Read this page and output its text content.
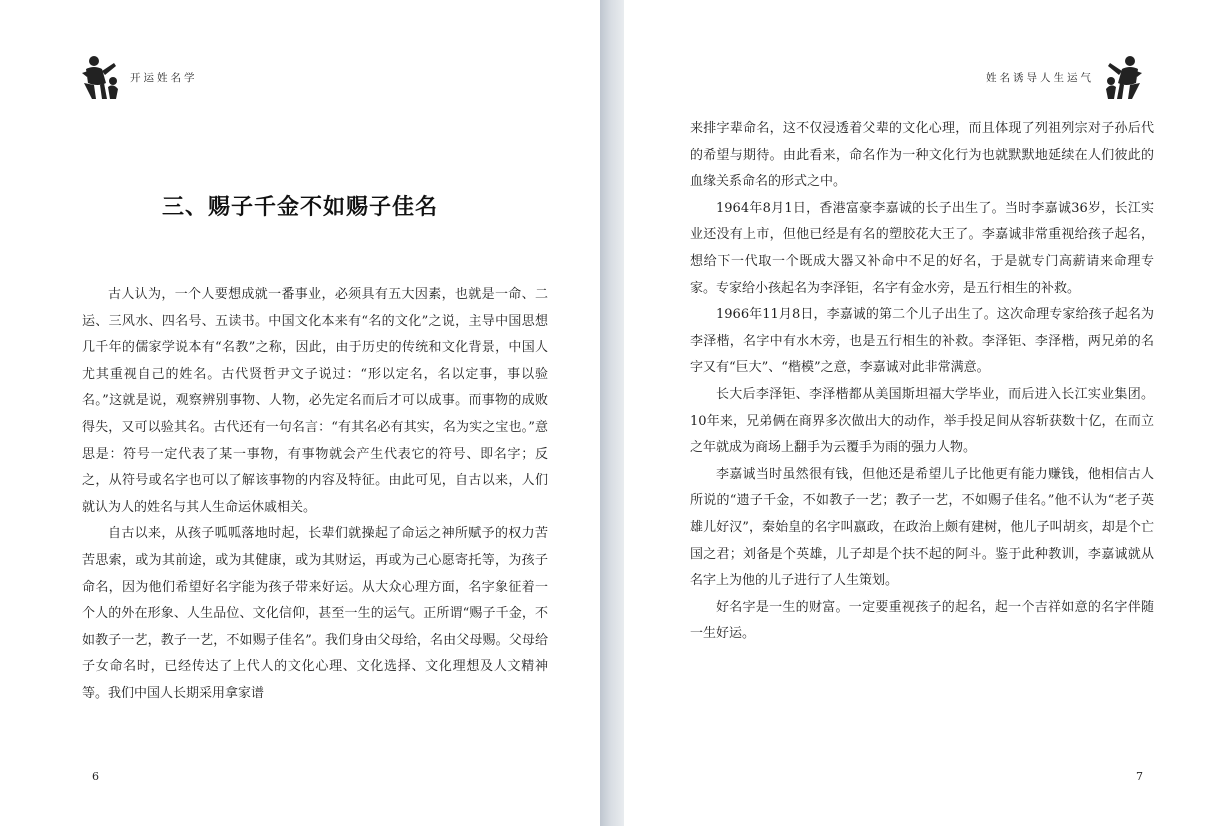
开运姓名学
三、赐子千金不如赐子佳名

古人认为，一个人要想成就一番事业，必须具有五大因素，也就是一命、二运、三风水、四名号、五读书。中国文化本来有“名的文化”之说，主导中国思想几千年的儒家学说本有“名教”之称，因此，由于历史的传统和文化背景，中国人尤其重视自己的姓名。古代贤哲尹文子说过：“形以定名，名以定事，事以验名。”这就是说，观察辨别事物、人物，必先定名而后才可以成事。而事物的成败得失，又可以验其名。古代还有一句名言：“有其名必有其实，名为实之宝也。”意思是：符号一定代表了某一事物，有事物就会产生代表它的符号、即名字；反之，从符号或名字也可以了解该事物的内容及特征。由此可见，自古以来，人们就认为人的姓名与其人生命运休戚相关。

自古以来，从孩子呱呱落地时起，长辈们就操起了命运之神所赋予的权力苦苦思索，或为其前途，或为其健康，或为其财运，再或为己心愿寄托等，为孩子命名，因为他们希望好名字能为孩子带来好运。从大众心理方面，名字象征着一个人的外在形象、人生品位、文化信仰，甚至一生的运气。正所谓“赐子千金，不如教子一艺，教子一艺，不如赐子佳名”。我们身由父母给，名由父母赐。父母给子女命名时，已经传达了上代人的文化心理、文化选择、文化理想及人文精神等。我们中国人长期采用拿家谱

6
姓名诱导人生运气

来排字辈命名，这不仅浸透着父辈的文化心理，而且体现了列祖列宗对子孙后代的希望与期待。由此看来，命名作为一种文化行为也就默默地延续在人们彼此的血缘关系命名的形式之中。

1964年8月1日，香港富豪李嘉诚的长子出生了。当时李嘉诚36岁，长江实业还没有上市，但他已经是有名的塑胶花大王了。李嘉诚非常重视给孩子起名，想给下一代取一个既成大器又补命中不足的好名，于是就专门高薪请来命理专家。专家给小孩起名为李泽钜，名字有金水旁，是五行相生的补救。

1966年11月8日，李嘉诚的第二个儿子出生了。这次命理专家给孩子起名为李泽楷，名字中有水木旁，也是五行相生的补救。李泽钜、李泽楷，两兄弟的名字又有“巨大”、“楷模”之意，李嘉诚对此非常满意。

长大后李泽钜、李泽楷都从美国斯坦福大学毕业，而后进入长江实业集团。10年来，兄弟俩在商界多次做出大的动作，举手投足间从容斩获数十亿，在而立之年就成为商场上翻手为云覆手为雨的强力人物。

李嘉诚当时虽然很有钱，但他还是希望儿子比他更有能力赚钱，他相信古人所说的“遗子千金，不如教子一艺；教子一艺，不如赐子佳名。”他不认为“老子英雄儿好汉”，秦始皇的名字叫嬴政，在政治上颇有建树，他儿子叫胡亥，却是个亡国之君；刘备是个英雄，儿子却是个扶不起的阿斗。鉴于此种教训，李嘉诚就从名字上为他的儿子进行了人生策划。

好名字是一生的财富。一定要重视孩子的起名，起一个吉祥如意的名字伴随一生好运。

7
